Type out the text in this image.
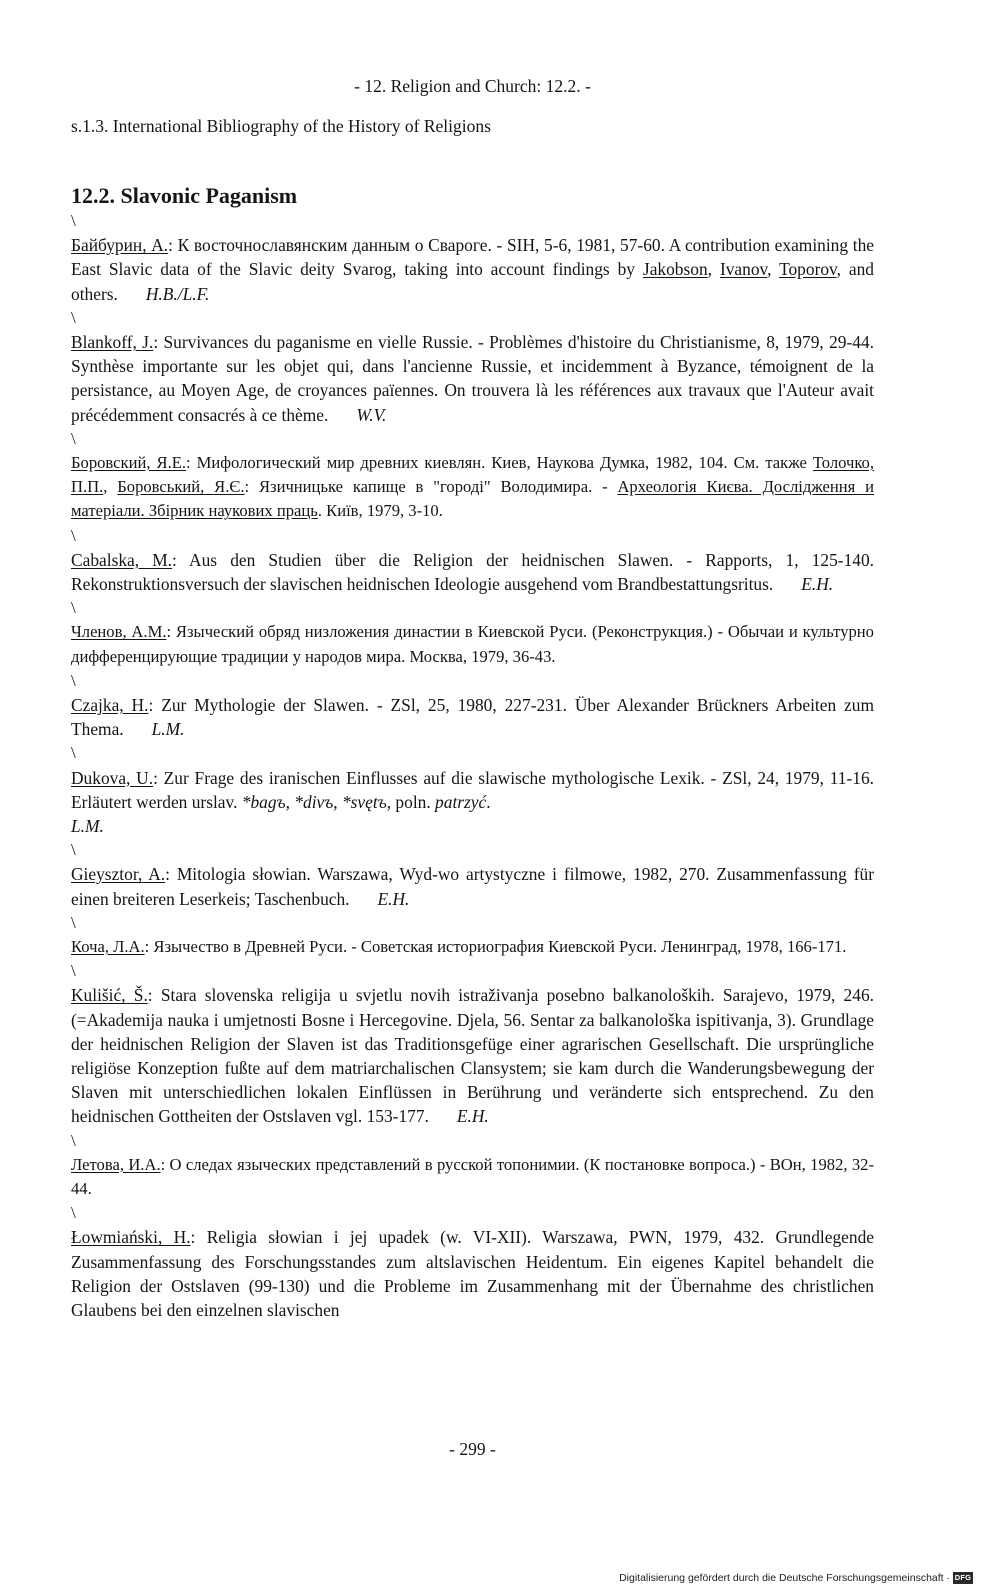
- 12. Religion and Church: 12.2. -
s.1.3. International Bibliography of the History of Religions
12.2. Slavonic Paganism
\

Байбурин, А.: К восточнославянским данным о Свароге. - SIH, 5-6, 1981, 57-60. A contribution examining the East Slavic data of the Slavic deity Svarog, taking into account findings by Jakobson, Ivanov, Toporov, and others. H.B./L.F.

\

Blankoff, J.: Survivances du paganisme en vielle Russie. - Problèmes d'histoire du Christianisme, 8, 1979, 29-44. Synthèse importante sur les objet qui, dans l'ancienne Russie, et incidemment à Byzance, témoignent de la persistance, au Moyen Age, de croyances païennes. On trouvera là les références aux travaux que l'Auteur avait précédemment consacrés à ce thème. W.V.

\

Боровский, Я.Е.: Мифологический мир древних киевлян. Киев, Наукова Думка, 1982, 104. См. также Толочко, П.П., Боровський, Я.Є.: Язичницьке капище в "городі" Володимира. - Археологія Києва. Дослідження и матеріали. Збірник наукових праць. Київ, 1979, 3-10.

\

Cabalska, M.: Aus den Studien über die Religion der heidnischen Slawen. - Rapports, 1, 125-140. Rekonstruktionsversuch der slavischen heidnischen Ideologie ausgehend vom Brandbestattungsritus. E.H.

\

Членов, А.М.: Языческий обряд низложения династии в Киевской Руси. (Реконструкция.) - Обычаи и культурно дифференцирующие традиции у народов мира. Москва, 1979, 36-43.

\

Czajka, H.: Zur Mythologie der Slawen. - ZSl, 25, 1980, 227-231. Über Alexander Brückners Arbeiten zum Thema. L.M.

\

Dukova, U.: Zur Frage des iranischen Einflusses auf die slawische mythologische Lexik. - ZSl, 24, 1979, 11-16. Erläutert werden urslav. *bagъ, *divъ, *svętъ, poln. patrzyć.
L.M.

\

Gieysztor, A.: Mitologia słowian. Warszawa, Wyd-wo artystyczne i filmowe, 1982, 270. Zusammenfassung für einen breiteren Leserkeis; Taschenbuch. E.H.

\

Коча, Л.А.: Язычество в Древней Руси. - Советская историография Киевской Руси. Ленинград, 1978, 166-171.

\

Kulišić, Š.: Stara slovenska religija u svjetlu novih istraživanja posebno balkanoloških. Sarajevo, 1979, 246. (=Akademija nauka i umjetnosti Bosne i Hercegovine. Djela, 56. Sentar za balkanološka ispitivanja, 3). Grundlage der heidnischen Religion der Slaven ist das Traditionsgefüge einer agrarischen Gesellschaft. Die ursprüngliche religiöse Konzeption fußte auf dem matriarchalischen Clansystem; sie kam durch die Wanderungsbewegung der Slaven mit unterschiedlichen lokalen Einflüssen in Berührung und veränderte sich entsprechend. Zu den heidnischen Gottheiten der Ostslaven vgl. 153-177. E.H.

\

Летова, И.А.: О следах языческих представлений в русской топонимии. (К постановке вопроса.) - ВОн, 1982, 32-44.

\

Łowmiański, H.: Religia słowian i jej upadek (w. VI-XII). Warszawa, PWN, 1979, 432. Grundlegende Zusammenfassung des Forschungsstandes zum altslavischen Heidentum. Ein eigenes Kapitel behandelt die Religion der Ostslaven (99-130) und die Probleme im Zusammenhang mit der Übernahme des christlichen Glaubens bei den einzelnen slavischen

- 299 -
Digitalisierung gefördert durch die Deutsche Forschungsgemeinschaft · DFG
